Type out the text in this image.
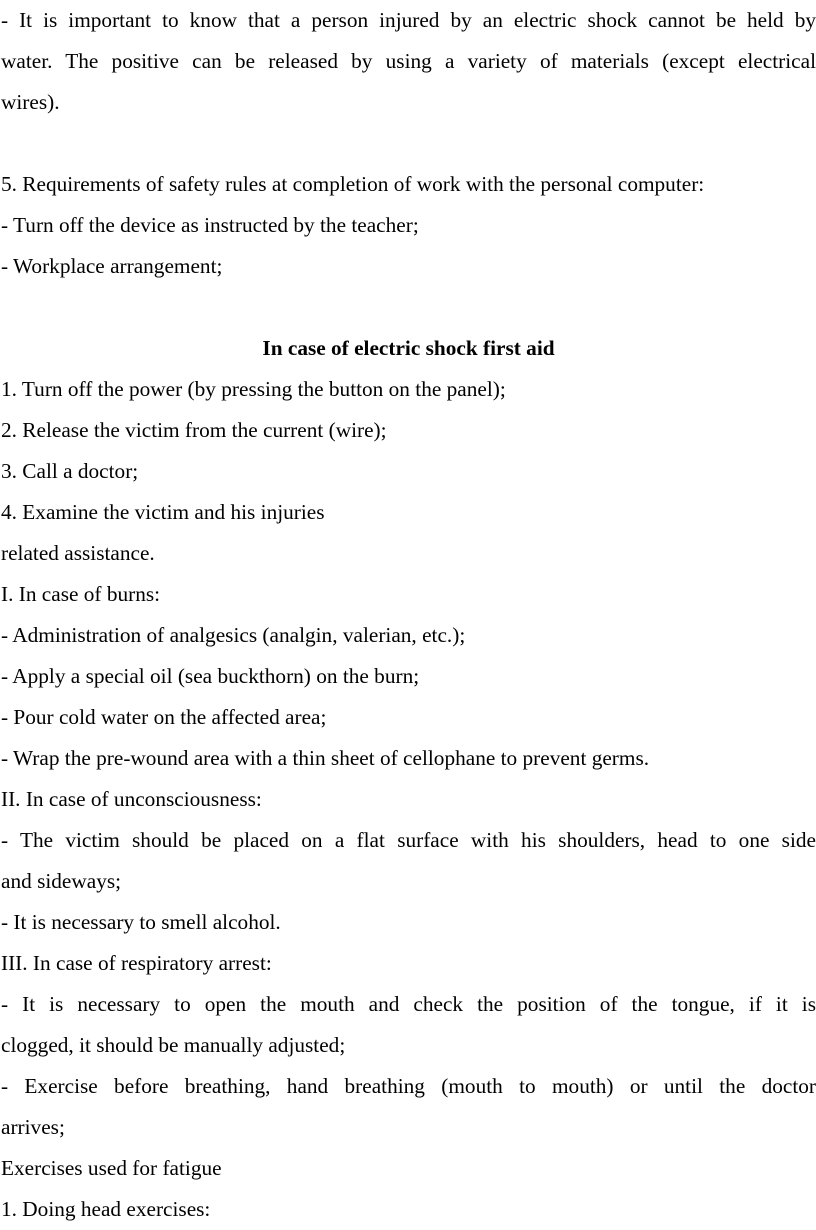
- It is important to know that a person injured by an electric shock cannot be held by
water. The positive can be released by using a variety of materials (except electrical
wires).
5. Requirements of safety rules at completion of work with the personal computer:
- Turn off the device as instructed by the teacher;
- Workplace arrangement;
In case of electric shock first aid
1. Turn off the power (by pressing the button on the panel);
2. Release the victim from the current (wire);
3. Call a doctor;
4. Examine the victim and his injuries
related assistance.
I. In case of burns:
- Administration of analgesics (analgin, valerian, etc.);
- Apply a special oil (sea buckthorn) on the burn;
- Pour cold water on the affected area;
- Wrap the pre-wound area with a thin sheet of cellophane to prevent germs.
II. In case of unconsciousness:
- The victim should be placed on a flat surface with his shoulders, head to one side
and sideways;
- It is necessary to smell alcohol.
III. In case of respiratory arrest:
- It is necessary to open the mouth and check the position of the tongue, if it is
clogged, it should be manually adjusted;
- Exercise before breathing, hand breathing (mouth to mouth) or until the doctor
arrives;
Exercises used for fatigue
1. Doing head exercises:
